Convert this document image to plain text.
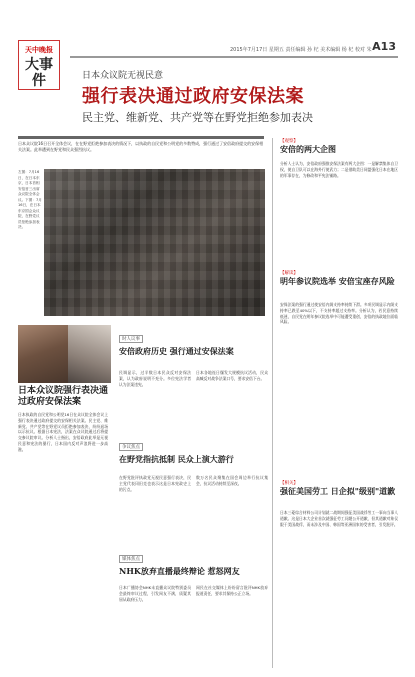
天中晚报
大事件
2015年7月17日 星期五 责任编辑 孙 杞 美术编辑 杨 杞 校对 朱 A13
日本众议院无视民意
强行表决通过政府安保法案
民主党、维新党、共产党等在野党拒绝参加表决
日本众议院16日召开全体会议，在在野党拒绝参加表决的情况下，以执政的自民党和公明党的多数赞成，强行通过了安倍政府提交的安保相关法案。此举遭到在野党和民众强烈抗议。
左图：7月16日，在日本东京，日本首相安倍晋三出席众议院全体会议。下图：7月16日，在日本东京国会众议院，在野党议员拒绝参加表决。
日本众议院强行表决通过政府安保法案
日本执政的自民党和公明党16日在众议院全体会议上强行表决通过政府提交的安保相关法案。民主党、维新党、共产党等在野党议员拒绝参加表决，纷纷退场以示抗议。根据日本宪法，法案在众议院通过后将提交参议院审议。分析人士指出，安倍政府此举是无视民意和宪法的暴行，日本国内反对声浪将进一步高涨。
时人议事
安倍政府历史 强行通过安保法案
民调显示，过半数日本民众反对安保法案，认为政府说明不充分。多位宪法学者认为法案违宪。
日本各地连日爆发大规模抗议活动，民众高喊反对战争法案口号，要求安倍下台。
争议焦点
在野党指抗抵制 民众上演大游行
在野党批评执政党无视民意强行表决，民主党代表冈田克也表示这是日本宪政史上的污点。
数万名民众聚集在国会周边举行抗议集会，抗议活动持续至深夜。
媒体焦点
NHK放弃直播最终辩论 惹怒网友
日本广播协会NHK未直播众议院特别委员会最终审议过程，引发网友不满，质疑其屈从政府压力。
网民在社交媒体上纷纷留言批评NHK放弃报道责任，要求其保持公正立场。
【观察】
安倍的两大企图
分析人士认为，安倍政府强推安保法案有两大企图：一是解禁集体自卫权，使自卫队可以在海外行使武力；二是借助美日同盟强化日本在地区的军事存在，为修改和平宪法铺路。
【解读】
明年参议院选举 安倍宝座存风险
安保法案的强行通过使安倍内阁支持率持续下滑。多项民调显示内阁支持率已跌至40%以下，不支持率超过支持率。分析认为，若民意持续低迷，自民党在明年参议院选举中可能遭受重创，安倍的执政地位面临风险。
【相关】
强征美国劳工 日企拟"级别"道歉
日本三菱综合材料公司计划就二战期间强征美国战俘劳工一事向当事人道歉。这是日本大企业首次就强征劳工问题公开道歉，但其道歉对象仅限于美国战俘，而未涉及中国、韩国等亚洲国家的受害者，引发批评。
